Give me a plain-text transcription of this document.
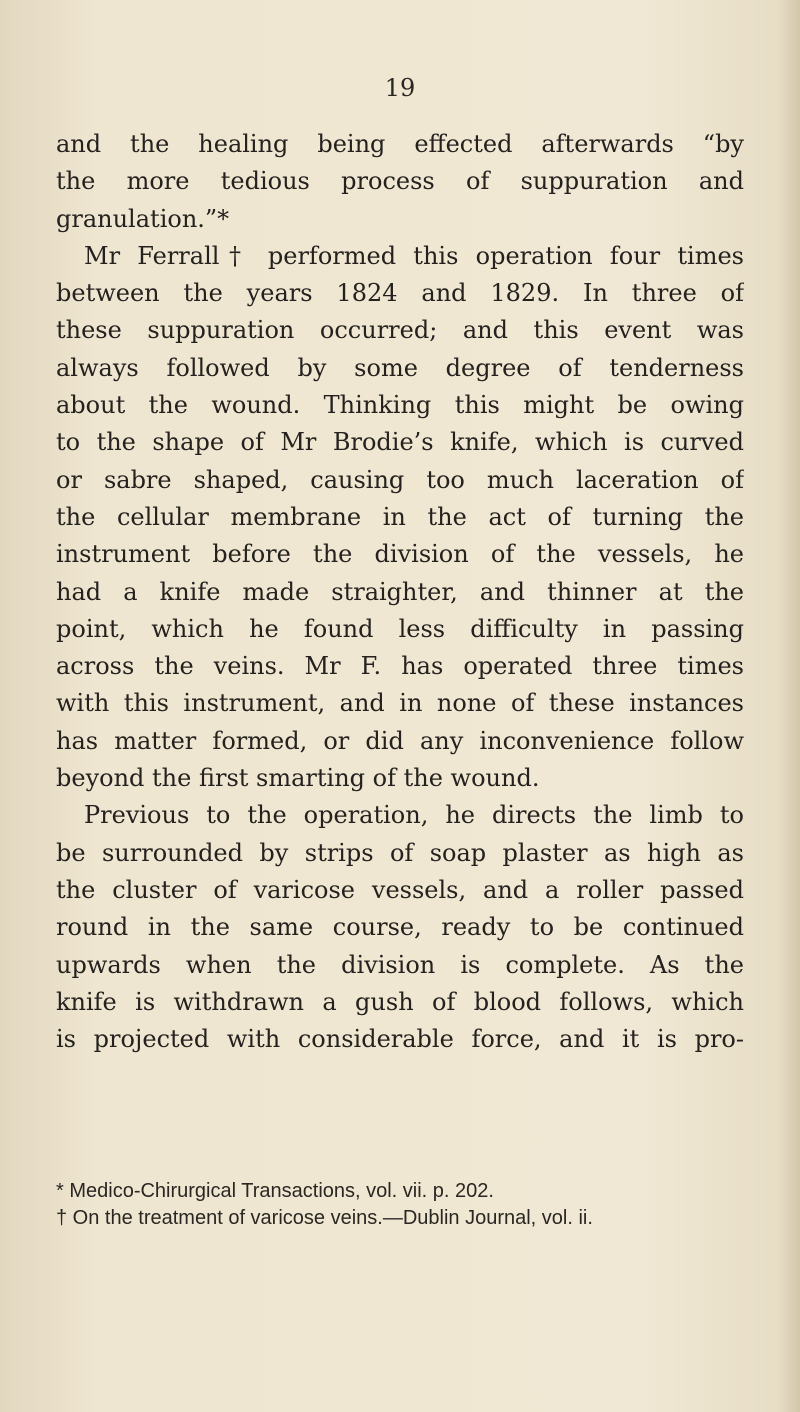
19
and the healing being effected afterwards “by
the more tedious process of suppuration and
granulation.”*
Mr Ferrall† performed this operation four times
between the years 1824 and 1829. In three of
these suppuration occurred; and this event was
always followed by some degree of tenderness
about the wound. Thinking this might be owing
to the shape of Mr Brodie’s knife, which is curved
or sabre shaped, causing too much laceration of
the cellular membrane in the act of turning the
instrument before the division of the vessels, he
had a knife made straighter, and thinner at the
point, which he found less difficulty in passing
across the veins. Mr F. has operated three times
with this instrument, and in none of these instances
has matter formed, or did any inconvenience follow
beyond the first smarting of the wound.
Previous to the operation, he directs the limb to
be surrounded by strips of soap plaster as high as
the cluster of varicose vessels, and a roller passed
round in the same course, ready to be continued
upwards when the division is complete. As the
knife is withdrawn a gush of blood follows, which
is projected with considerable force, and it is pro-
* Medico-Chirurgical Transactions, vol. vii. p. 202.
† On the treatment of varicose veins.—Dublin Journal, vol. ii.
